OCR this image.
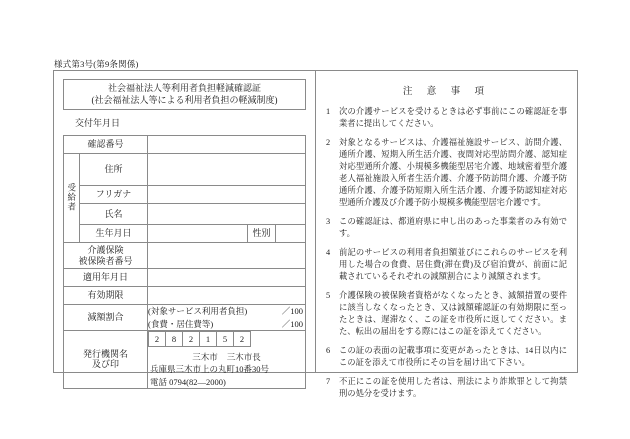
様式第3号(第9条関係)
社会福祉法人等利用者負担軽減確認証
(社会福祉法人等による利用者負担の軽減制度)
交付年月日
確認番号				
受給者	住所			
	フリガナ			
	氏名			
	生年月日		性別	

介護保険
被保険者番号				

適用年月日				
有効期限				
減額割合		(対象サービス利用者負担) ／100
(食費・居住費等) ／100		

発行機関名
及び印

2	8	2	1	5	2
三木市 三木市長
兵庫県三木市上の丸町10番30号
電話 0794(82—2000)
注 意 事 項
1	次の介護サービスを受けるときは必ず事前にこの確認証を事業者に提出してください。
2	対象となるサービスは、介護福祉施設サービス、訪問介護、通所介護、短期入所生活介護、夜間対応型訪問介護、認知症対応型通所介護、小規模多機能型居宅介護、地域密着型介護老人福祉施設入所者生活介護、介護予防訪問介護、介護予防通所介護、介護予防短期入所生活介護、介護予防認知症対応型通所介護及び介護予防小規模多機能型居宅介護です。
3	この確認証は、都道府県に申し出のあった事業者のみ有効です。
4	前記のサービスの利用者負担額並びにこれらのサービスを利用した場合の食費、居住費(滞在費)及び宿泊費が、前面に記載されているそれぞれの減額割合により減額されます。
5	介護保険の被保険者資格がなくなったとき、減額措置の要件に該当しなくなったとき、又は減額確認証の有効期限に至ったときは、遅滞なく、この証を市役所に返してください。また、転出の届出をする際にはこの証を添えてください。
6	この証の表面の記載事項に変更があったときは、14日以内にこの証を添えて市役所にその旨を届け出て下さい。
7	不正にこの証を使用した者は、刑法により詐欺罪として拘禁刑の処分を受けます。
